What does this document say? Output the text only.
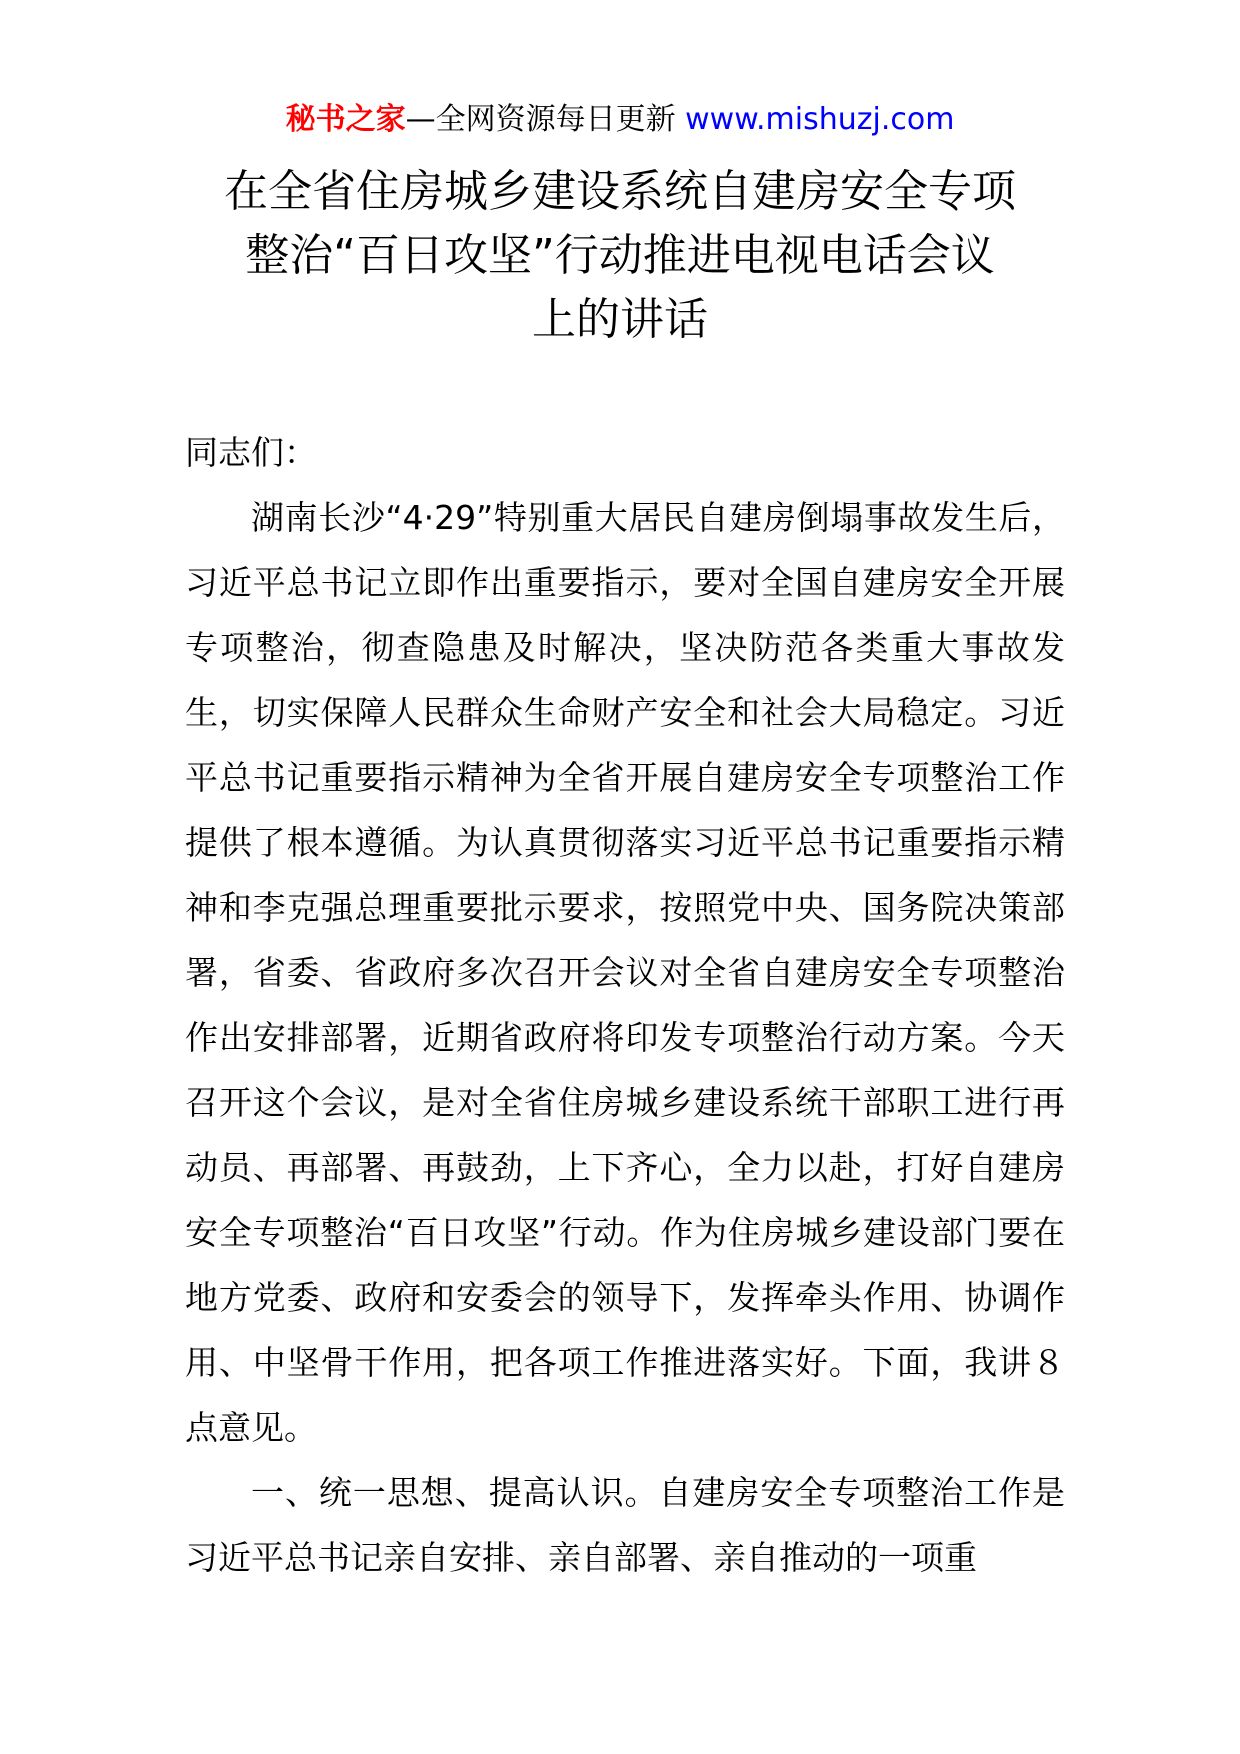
秘书之家—全网资源每日更新 www.mishuzj.com
在全省住房城乡建设系统自建房安全专项
整治“百日攻坚”行动推进电视电话会议
上的讲话

同志们：

湖南长沙“4·29”特别重大居民自建房倒塌事故发生后，习近平总书记立即作出重要指示，要对全国自建房安全开展专项整治，彻查隐患及时解决，坚决防范各类重大事故发生，切实保障人民群众生命财产安全和社会大局稳定。习近平总书记重要指示精神为全省开展自建房安全专项整治工作提供了根本遵循。为认真贯彻落实习近平总书记重要指示精神和李克强总理重要批示要求，按照党中央、国务院决策部署，省委、省政府多次召开会议对全省自建房安全专项整治作出安排部署，近期省政府将印发专项整治行动方案。今天召开这个会议，是对全省住房城乡建设系统干部职工进行再动员、再部署、再鼓劲，上下齐心，全力以赴，打好自建房安全专项整治“百日攻坚”行动。作为住房城乡建设部门要在地方党委、政府和安委会的领导下，发挥牵头作用、协调作用、中坚骨干作用，把各项工作推进落实好。下面，我讲８点意见。

一、统一思想、提高认识。自建房安全专项整治工作是习近平总书记亲自安排、亲自部署、亲自推动的一项重
